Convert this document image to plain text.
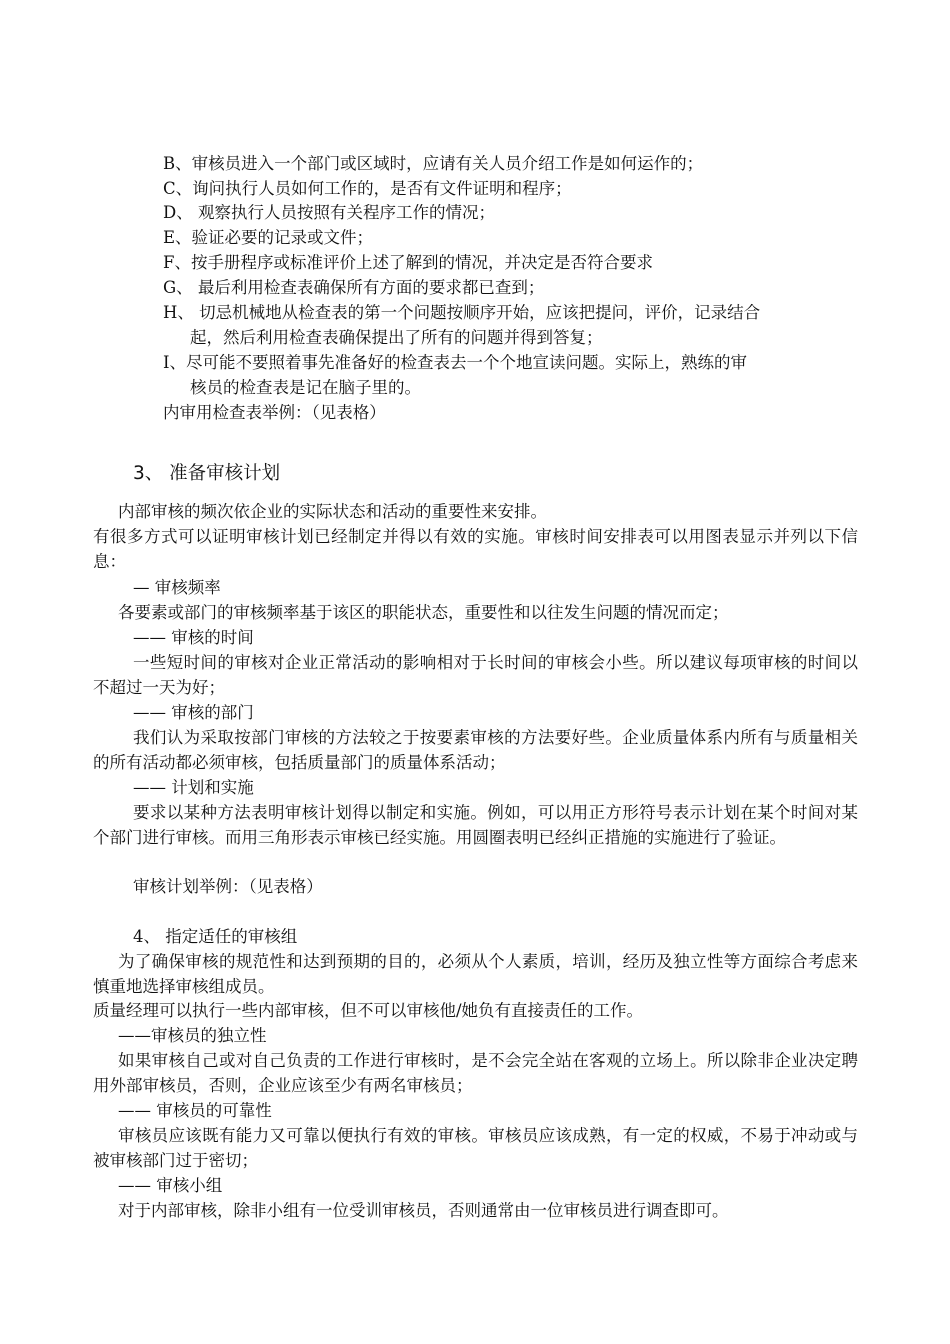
B、审核员进入一个部门或区域时，应请有关人员介绍工作是如何运作的；
C、询问执行人员如何工作的，是否有文件证明和程序；
D、 观察执行人员按照有关程序工作的情况；
E、验证必要的记录或文件；
F、按手册程序或标准评价上述了解到的情况，并决定是否符合要求
G、 最后利用检查表确保所有方面的要求都已查到；
H、 切忌机械地从检查表的第一个问题按顺序开始，应该把提问，评价，记录结合
起，然后利用检查表确保提出了所有的问题并得到答复；
I、尽可能不要照着事先准备好的检查表去一个个地宣读问题。实际上，熟练的审
核员的检查表是记在脑子里的。
内审用检查表举例：（见表格）
3、 准备审核计划
内部审核的频次依企业的实际状态和活动的重要性来安排。
有很多方式可以证明审核计划已经制定并得以有效的实施。审核时间安排表可以用图表显示并列以下信息：
— 审核频率
各要素或部门的审核频率基于该区的职能状态，重要性和以往发生问题的情况而定；
—— 审核的时间
一些短时间的审核对企业正常活动的影响相对于长时间的审核会小些。所以建议每项审核的时间以不超过一天为好；
—— 审核的部门
我们认为采取按部门审核的方法较之于按要素审核的方法要好些。企业质量体系内所有与质量相关的所有活动都必须审核，包括质量部门的质量体系活动；
—— 计划和实施
要求以某种方法表明审核计划得以制定和实施。例如，可以用正方形符号表示计划在某个时间对某个部门进行审核。而用三角形表示审核已经实施。用圆圈表明已经纠正措施的实施进行了验证。
审核计划举例：（见表格）
4、 指定适任的审核组
为了确保审核的规范性和达到预期的目的，必须从个人素质，培训，经历及独立性等方面综合考虑来慎重地选择审核组成员。
质量经理可以执行一些内部审核，但不可以审核他/她负有直接责任的工作。
——审核员的独立性
如果审核自己或对自己负责的工作进行审核时，是不会完全站在客观的立场上。所以除非企业决定聘用外部审核员，否则，企业应该至少有两名审核员；
—— 审核员的可靠性
审核员应该既有能力又可靠以便执行有效的审核。审核员应该成熟，有一定的权威，不易于冲动或与被审核部门过于密切；
—— 审核小组
对于内部审核，除非小组有一位受训审核员，否则通常由一位审核员进行调查即可。
